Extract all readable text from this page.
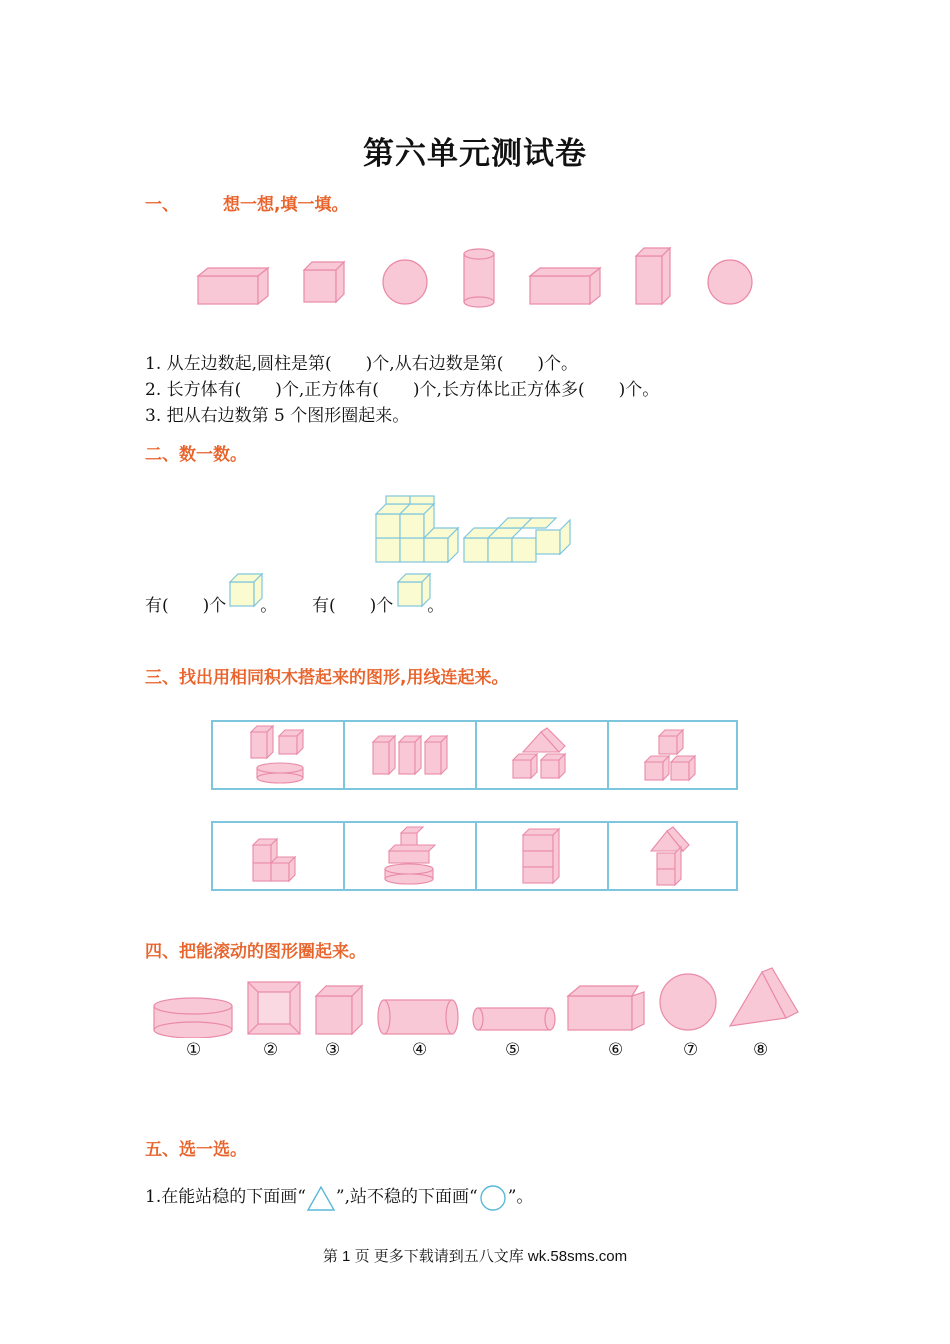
第六单元测试卷
一、	想一想,填一填。
1. 从左边数起,圆柱是第(　　)个,从右边数是第(　　)个。
2. 长方体有(　　)个,正方体有(　　)个,长方体比正方体多(　　)个。
3. 把从右边数第 5 个图形圈起来。
二、数一数。
有(　　)个 。 有(　　)个 。
三、找出用相同积木搭起来的图形,用线连起来。
四、把能滚动的图形圈起来。
①	②	③	④	⑤	⑥	⑦	⑧
五、选一选。
1.在能站稳的下面画“ ”,站不稳的下面画“ ”。
第 1 页 更多下载请到五八文库 wk.58sms.com
